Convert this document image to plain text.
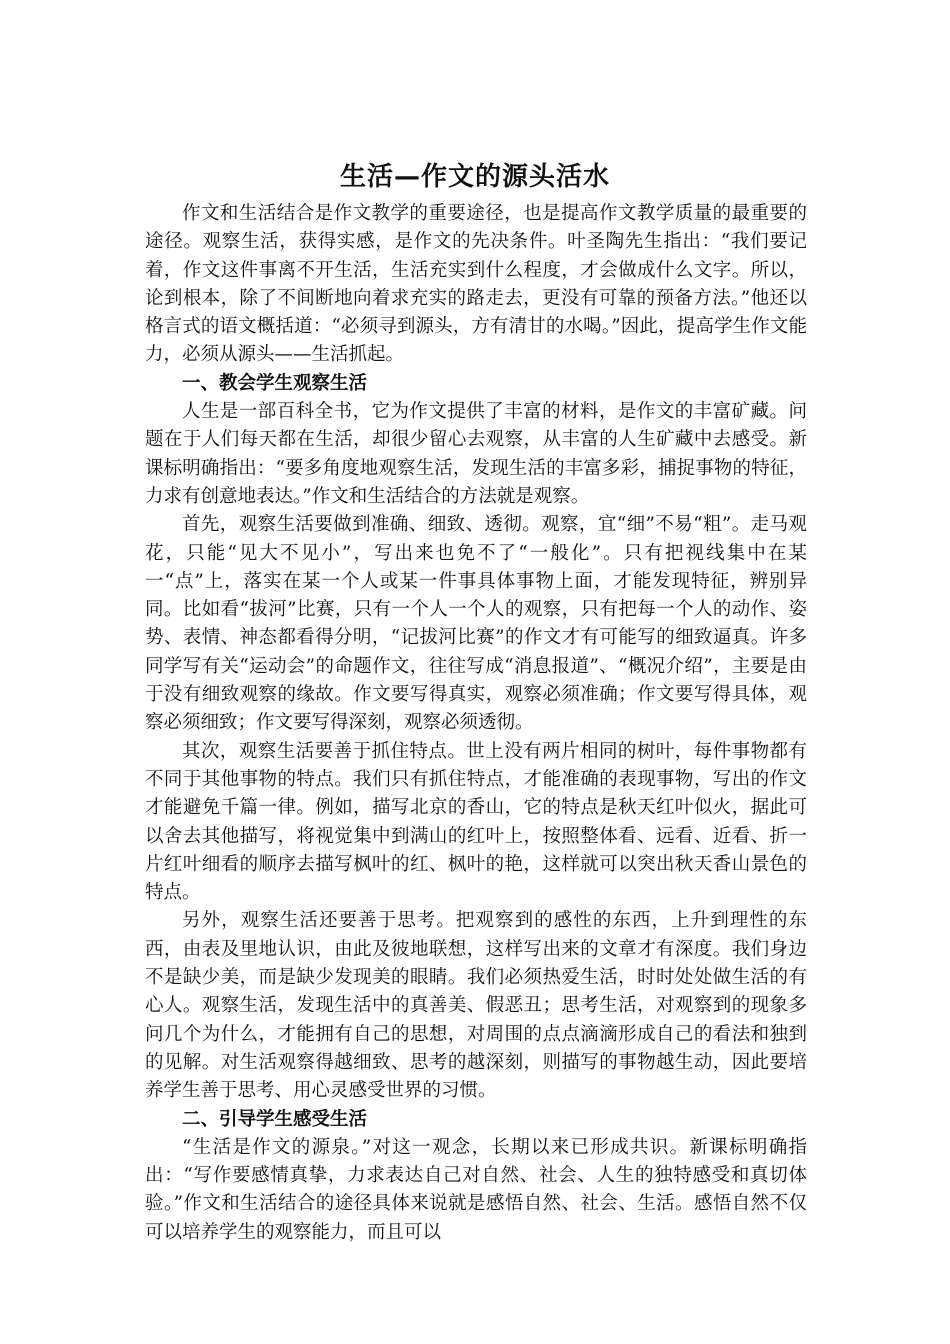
生活—作文的源头活水

作文和生活结合是作文教学的重要途径，也是提高作文教学质量的最重要的途径。观察生活，获得实感，是作文的先决条件。叶圣陶先生指出：“我们要记着，作文这件事离不开生活，生活充实到什么程度，才会做成什么文字。所以，论到根本，除了不间断地向着求充实的路走去，更没有可靠的预备方法。”他还以格言式的语文概括道：“必须寻到源头，方有清甘的水喝。”因此，提高学生作文能力，必须从源头——生活抓起。

一、教会学生观察生活

人生是一部百科全书，它为作文提供了丰富的材料，是作文的丰富矿藏。问题在于人们每天都在生活，却很少留心去观察，从丰富的人生矿藏中去感受。新课标明确指出：“要多角度地观察生活，发现生活的丰富多彩，捕捉事物的特征，力求有创意地表达。”作文和生活结合的方法就是观察。

首先，观察生活要做到准确、细致、透彻。观察，宜“细”不易“粗”。走马观花，只能“见大不见小”，写出来也免不了“一般化”。只有把视线集中在某一“点”上，落实在某一个人或某一件事具体事物上面，才能发现特征，辨别异同。比如看“拔河”比赛，只有一个人一个人的观察，只有把每一个人的动作、姿势、表情、神态都看得分明，“记拔河比赛”的作文才有可能写的细致逼真。许多同学写有关“运动会”的命题作文，往往写成“消息报道”、“概况介绍”，主要是由于没有细致观察的缘故。作文要写得真实，观察必须准确；作文要写得具体，观察必须细致；作文要写得深刻，观察必须透彻。

其次，观察生活要善于抓住特点。世上没有两片相同的树叶，每件事物都有不同于其他事物的特点。我们只有抓住特点，才能准确的表现事物，写出的作文才能避免千篇一律。例如，描写北京的香山，它的特点是秋天红叶似火，据此可以舍去其他描写，将视觉集中到满山的红叶上，按照整体看、远看、近看、折一片红叶细看的顺序去描写枫叶的红、枫叶的艳，这样就可以突出秋天香山景色的特点。

另外，观察生活还要善于思考。把观察到的感性的东西，上升到理性的东西，由表及里地认识，由此及彼地联想，这样写出来的文章才有深度。我们身边不是缺少美，而是缺少发现美的眼睛。我们必须热爱生活，时时处处做生活的有心人。观察生活，发现生活中的真善美、假恶丑；思考生活，对观察到的现象多问几个为什么，才能拥有自己的思想，对周围的点点滴滴形成自己的看法和独到的见解。对生活观察得越细致、思考的越深刻，则描写的事物越生动，因此要培养学生善于思考、用心灵感受世界的习惯。

二、引导学生感受生活

“生活是作文的源泉。”对这一观念，长期以来已形成共识。新课标明确指出：“写作要感情真挚，力求表达自己对自然、社会、人生的独特感受和真切体验。”作文和生活结合的途径具体来说就是感悟自然、社会、生活。感悟自然不仅可以培养学生的观察能力，而且可以
